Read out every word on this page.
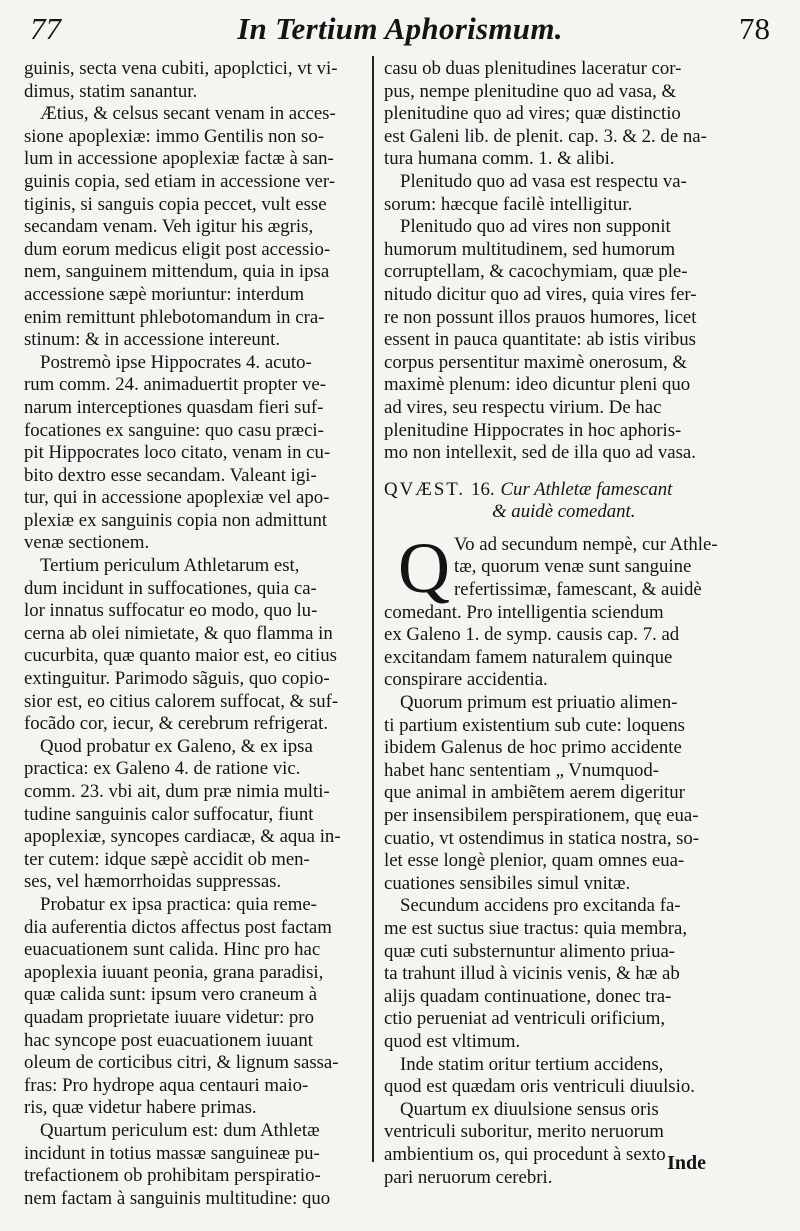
77	In Tertium Aphorismum.	78
guinis, secta vena cubiti, apoplctici, vt vi-
dimus, statim sanantur.
Ætius, & celsus secant venam in acces-
sione apoplexiæ: immo Gentilis non so-
lum in accessione apoplexiæ factæ à san-
guinis copia, sed etiam in accessione ver-
tiginis, si sanguis copia peccet, vult esse
secandam venam. Veh igitur his ægris,
dum eorum medicus eligit post accessio-
nem, sanguinem mittendum, quia in ipsa
accessione sæpè moriuntur: interdum
enim remittunt phlebotomandum in cra-
stinum: & in accessione intereunt.
Postremò ipse Hippocrates 4. acuto-
rum comm. 24. animaduertit propter ve-
narum interceptiones quasdam fieri suf-
focationes ex sanguine: quo casu præci-
pit Hippocrates loco citato, venam in cu-
bito dextro esse secandam. Valeant igi-
tur, qui in accessione apoplexiæ vel apo-
plexiæ ex sanguinis copia non admittunt
venæ sectionem.
Tertium periculum Athletarum est,
dum incidunt in suffocationes, quia ca-
lor innatus suffocatur eo modo, quo lu-
cerna ab olei nimietate, & quo flamma in
cucurbita, quæ quanto maior est, eo citius
extinguitur. Parimodo sãguis, quo copio-
sior est, eo citius calorem suffocat, & suf-
focãdo cor, iecur, & cerebrum refrigerat.
Quod probatur ex Galeno, & ex ipsa
practica: ex Galeno 4. de ratione vic.
comm. 23. vbi ait, dum præ nimia multi-
tudine sanguinis calor suffocatur, fiunt
apoplexiæ, syncopes cardiacæ, & aqua in-
ter cutem: idque sæpè accidit ob men-
ses, vel hæmorrhoidas suppressas.
Probatur ex ipsa practica: quia reme-
dia auferentia dictos affectus post factam
euacuationem sunt calida. Hinc pro hac
apoplexia iuuant peonia, grana paradisi,
quæ calida sunt: ipsum vero craneum à
quadam proprietate iuuare videtur: pro
hac syncope post euacuationem iuuant
oleum de corticibus citri, & lignum sassa-
fras: Pro hydrope aqua centauri maio-
ris, quæ videtur habere primas.
Quartum periculum est: dum Athletæ
incidunt in totius massæ sanguineæ pu-
trefactionem ob prohibitam perspiratio-
nem factam à sanguinis multitudine: quo
casu ob duas plenitudines laceratur cor-
pus, nempe plenitudine quo ad vasa, &
plenitudine quo ad vires; quæ distinctio
est Galeni lib. de plenit. cap. 3. & 2. de na-
tura humana comm. 1. & alibi.
Plenitudo quo ad vasa est respectu va-
sorum: hæcque facilè intelligitur.
Plenitudo quo ad vires non supponit
humorum multitudinem, sed humorum
corruptellam, & cacochymiam, quæ ple-
nitudo dicitur quo ad vires, quia vires fer-
re non possunt illos prauos humores, licet
essent in pauca quantitate: ab istis viribus
corpus persentitur maximè onerosum, &
maximè plenum: ideo dicuntur pleni quo
ad vires, seu respectu virium. De hac
plenitudine Hippocrates in hoc aphoris-
mo non intellexit, sed de illa quo ad vasa.
QVÆST. 16. Cur Athletæ famescant
& auidè comedant.
Q Vo ad secundum nempè, cur Athle-
tæ, quorum venæ sunt sanguine
refertissimæ, famescant, & auidè
comedant. Pro intelligentia sciendum
ex Galeno 1. de symp. causis cap. 7. ad
excitandam famem naturalem quinque
conspirare accidentia.
Quorum primum est priuatio alimen-
ti partium existentium sub cute: loquens
ibidem Galenus de hoc primo accidente
habet hanc sententiam „ Vnumquod-
que animal in ambiẽtem aerem digeritur
per insensibilem perspirationem, quę eua-
cuatio, vt ostendimus in statica nostra, so-
let esse longè plenior, quam omnes eua-
cuationes sensibiles simul vnitæ.
Secundum accidens pro excitanda fa-
me est suctus siue tractus: quia membra,
quæ cuti substernuntur alimento priua-
ta trahunt illud à vicinis venis, & hæ ab
alijs quadam continuatione, donec tra-
ctio perueniat ad ventriculi orificium,
quod est vltimum.
Inde statim oritur tertium accidens,
quod est quædam oris ventriculi diuulsio.
Quartum ex diuulsione sensus oris
ventriculi suboritur, merito neruorum
ambientium os, qui procedunt à sexto
pari neruorum cerebri.
Inde
